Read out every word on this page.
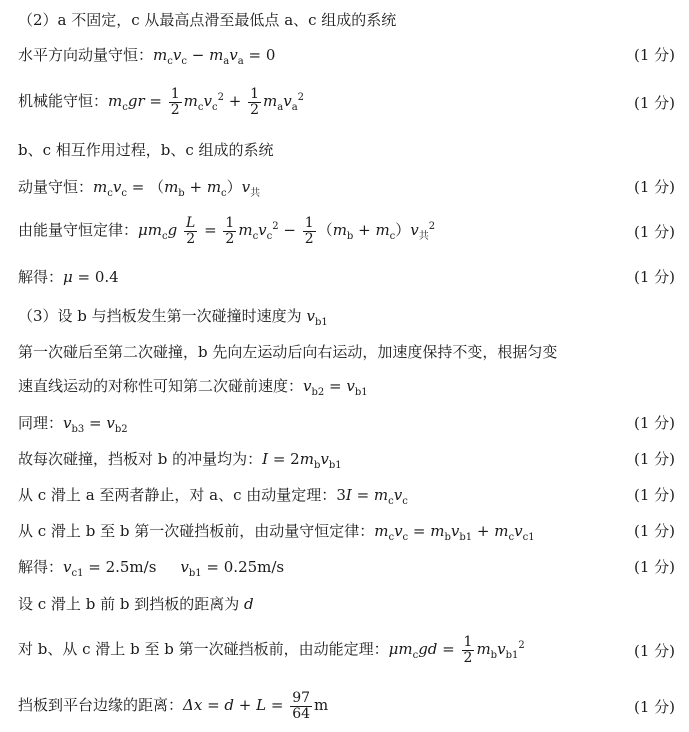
（2）a 不固定，c 从最高点滑至最低点 a、c 组成的系统
水平方向动量守恒：$m_cv_c - m_av_a = 0$	(1 分)
机械能守恒：$m_cgr = \frac{1}{2} m_cv_c^2 + \frac{1}{2} m_av_a^2$	(1 分)
b、c 相互作用过程，b、c 组成的系统
动量守恒：$m_cv_c = (m_b + m_c)v_共$	(1 分)
由能量守恒定律：$\mu m_cg \frac{L}{2} = \frac{1}{2} m_cv_c^2 - \frac{1}{2} (m_b + m_c)v_共^2$	(1 分)
解得：μ = 0.4	(1 分)
（3）设 b 与挡板发生第一次碰撞时速度为 $v_{b1}$
第一次碰后至第二次碰撞，b 先向左运动后向右运动，加速度保持不变，根据匀变
速直线运动的对称性可知第二次碰前速度：$v_{b2} = v_{b1}$
同理：$v_{b3} = v_{b2}$	(1 分)
故每次碰撞，挡板对 b 的冲量均为：$I = 2m_bv_{b1}$	(1 分)
从 c 滑上 a 至两者静止，对 a、c 由动量定理：$3I = m_cv_c$	(1 分)
从 c 滑上 b 至 b 第一次碰挡板前，由动量守恒定律：$m_cv_c = m_bv_{b1} + m_cv_{c1}$	(1 分)
解得：$v_{c1} = 2.5m/s$ $v_{b1} = 0.25m/s$	(1 分)
设 c 滑上 b 前 b 到挡板的距离为 d
对 b、从 c 滑上 b 至 b 第一次碰挡板前，由动能定理：$\mu m_cgd = \frac{1}{2} m_bv_{b1}^2$	(1 分)
挡板到平台边缘的距离：$\Delta x = d + L = \frac{97}{64}$ m	(1 分)
